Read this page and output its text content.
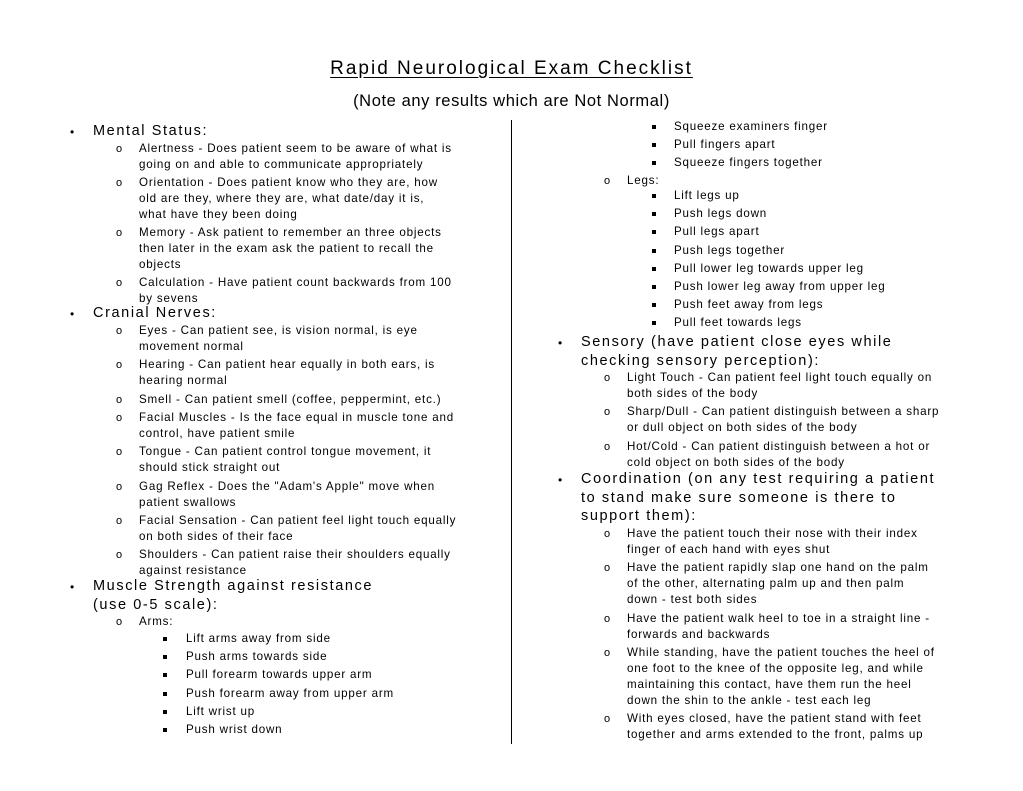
Rapid Neurological Exam Checklist
(Note any results which are Not Normal)
• Mental Status:
o Alertness - Does patient seem to be aware of what is
going on and able to communicate appropriately
o Orientation - Does patient know who they are, how
old are they, where they are, what date/day it is,
what have they been doing
o Memory - Ask patient to remember an three objects
then later in the exam ask the patient to recall the
objects
o Calculation - Have patient count backwards from 100
by sevens
• Cranial Nerves:
o Eyes - Can patient see, is vision normal, is eye
movement normal
o Hearing - Can patient hear equally in both ears, is
hearing normal
o Smell - Can patient smell (coffee, peppermint, etc.)
o Facial Muscles - Is the face equal in muscle tone and
control, have patient smile
o Tongue - Can patient control tongue movement, it
should stick straight out
o Gag Reflex - Does the "Adam's Apple" move when
patient swallows
o Facial Sensation - Can patient feel light touch equally
on both sides of their face
o Shoulders - Can patient raise their shoulders equally
against resistance
• Muscle Strength against resistance
(use 0-5 scale):
o Arms:
Lift arms away from side
Push arms towards side
Pull forearm towards upper arm
Push forearm away from upper arm
Lift wrist up
Push wrist down
Squeeze examiners finger
Pull fingers apart
Squeeze fingers together
o Legs:
Lift legs up
Push legs down
Pull legs apart
Push legs together
Pull lower leg towards upper leg
Push lower leg away from upper leg
Push feet away from legs
Pull feet towards legs
• Sensory (have patient close eyes while
checking sensory perception):
o Light Touch - Can patient feel light touch equally on
both sides of the body
o Sharp/Dull - Can patient distinguish between a sharp
or dull object on both sides of the body
o Hot/Cold - Can patient distinguish between a hot or
cold object on both sides of the body
• Coordination (on any test requiring a patient
to stand make sure someone is there to
support them):
o Have the patient touch their nose with their index
finger of each hand with eyes shut
o Have the patient rapidly slap one hand on the palm
of the other, alternating palm up and then palm
down - test both sides
o Have the patient walk heel to toe in a straight line -
forwards and backwards
o While standing, have the patient touches the heel of
one foot to the knee of the opposite leg, and while
maintaining this contact, have them run the heel
down the shin to the ankle - test each leg
o With eyes closed, have the patient stand with feet
together and arms extended to the front, palms up
